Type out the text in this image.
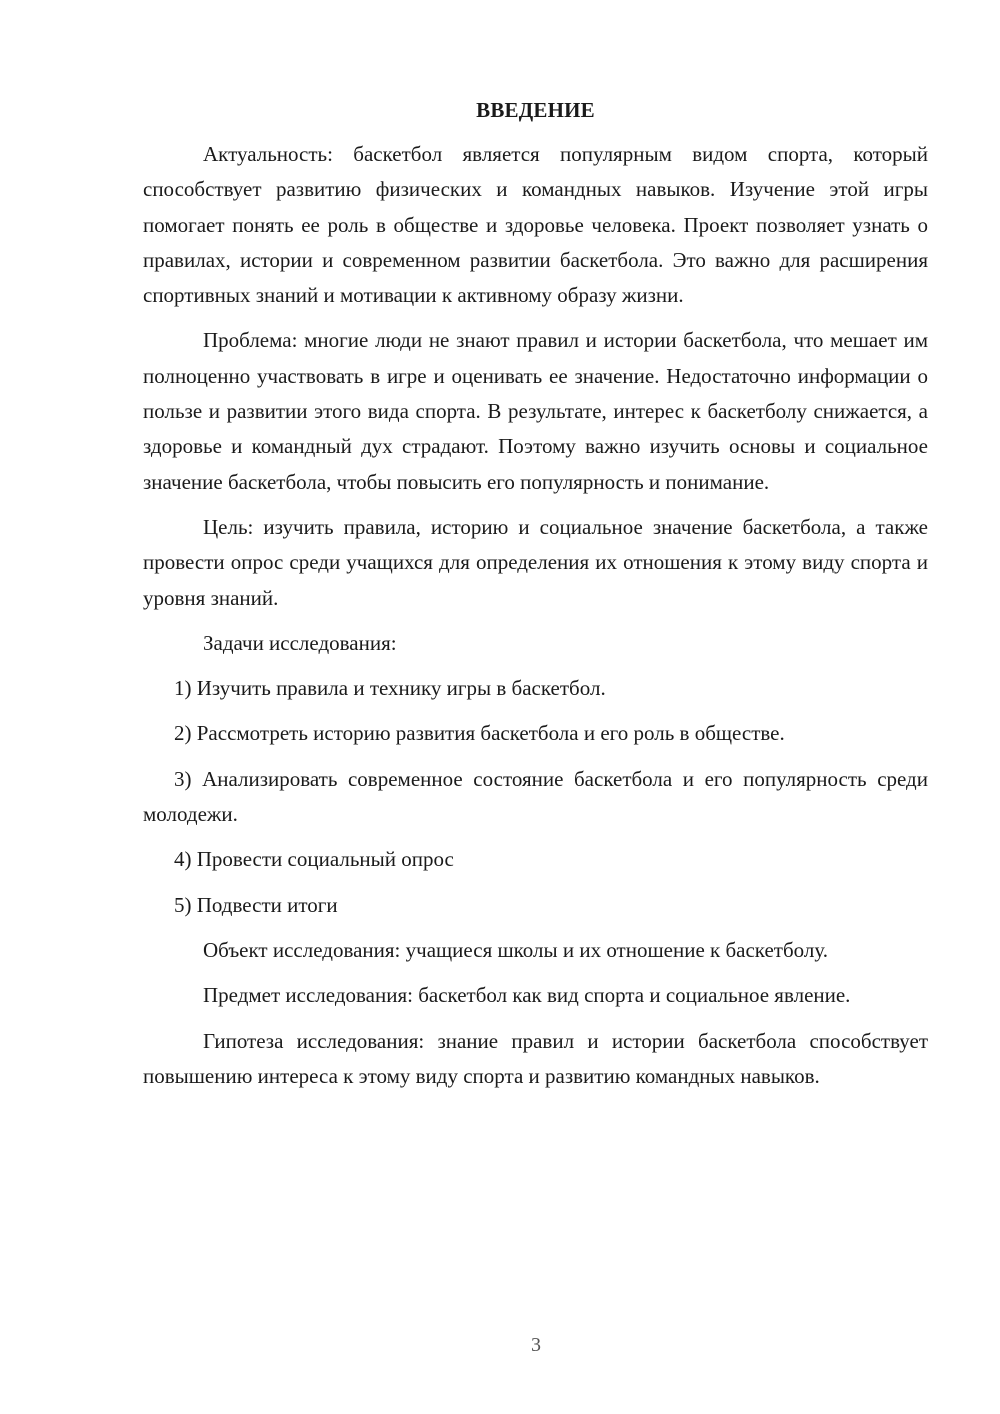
ВВЕДЕНИЕ

Актуальность: баскетбол является популярным видом спорта, который способствует развитию физических и командных навыков. Изучение этой игры помогает понять ее роль в обществе и здоровье человека. Проект позволяет узнать о правилах, истории и современном развитии баскетбола. Это важно для расширения спортивных знаний и мотивации к активному образу жизни.

Проблема: многие люди не знают правил и истории баскетбола, что мешает им полноценно участвовать в игре и оценивать ее значение. Недостаточно информации о пользе и развитии этого вида спорта. В результате, интерес к баскетболу снижается, а здоровье и командный дух страдают. Поэтому важно изучить основы и социальное значение баскетбола, чтобы повысить его популярность и понимание.

Цель: изучить правила, историю и социальное значение баскетбола, а также провести опрос среди учащихся для определения их отношения к этому виду спорта и уровня знаний.

Задачи исследования:

1) Изучить правила и технику игры в баскетбол.

2) Рассмотреть историю развития баскетбола и его роль в обществе.

3) Анализировать современное состояние баскетбола и его популярность среди молодежи.

4) Провести социальный опрос

5) Подвести итоги

Объект исследования: учащиеся школы и их отношение к баскетболу.

Предмет исследования: баскетбол как вид спорта и социальное явление.

Гипотеза исследования: знание правил и истории баскетбола способствует повышению интереса к этому виду спорта и развитию командных навыков.

3
